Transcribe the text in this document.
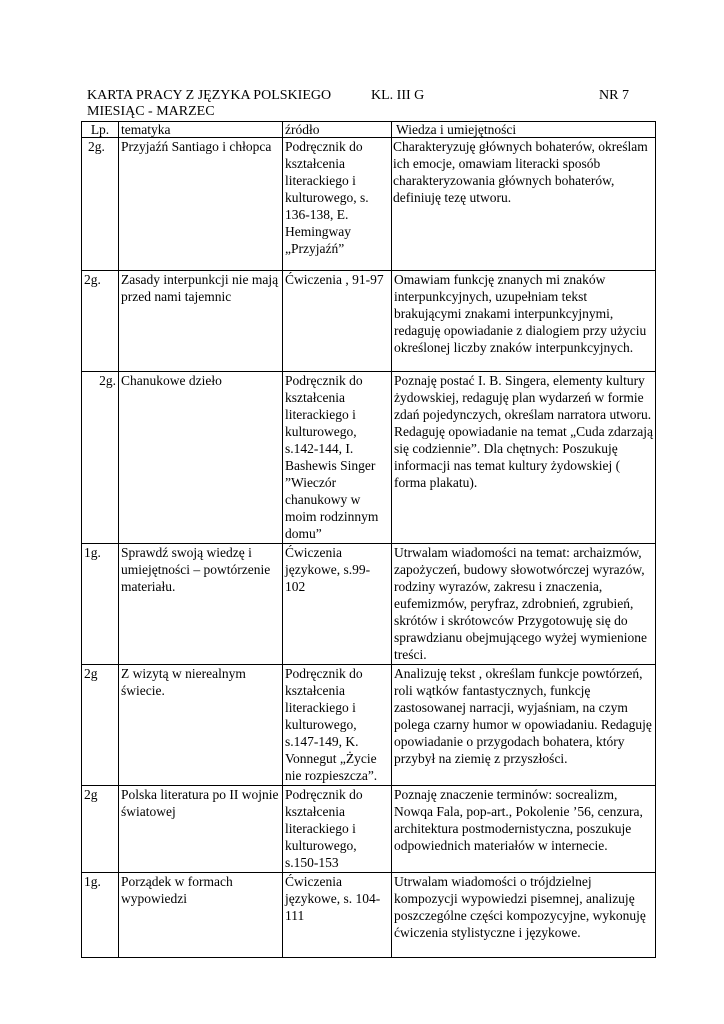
KARTA PRACY Z JĘZYKA POLSKIEGO	KL. III G	NR 7
MIESIĄC - MARZEC
Lp.	tematyka	źródło	Wiedza i umiejętności
2g.	Przyjaźń Santiago i chłopca	Podręcznik do kształcenia literackiego i kulturowego, s. 136-138, E. Hemingway „Przyjaźń”	Charakteryzuję głównych bohaterów, określam ich emocje, omawiam literacki sposób charakteryzowania głównych bohaterów, definiuję tezę utworu.
2g.	Zasady interpunkcji nie mają przed nami tajemnic	Ćwiczenia , 91-97	Omawiam funkcję znanych mi znaków interpunkcyjnych, uzupełniam tekst brakującymi znakami interpunkcyjnymi, redaguję opowiadanie z dialogiem przy użyciu określonej liczby znaków interpunkcyjnych.
2g.	Chanukowe dzieło	Podręcznik do kształcenia literackiego i kulturowego, s.142-144, I. Bashewis Singer ”Wieczór chanukowy w moim rodzinnym domu”	Poznaję postać I. B. Singera, elementy kultury żydowskiej, redaguję plan wydarzeń w formie zdań pojedynczych, określam narratora utworu. Redaguję opowiadanie na temat „Cuda zdarzają się codziennie”. Dla chętnych: Poszukuję informacji nas temat kultury żydowskiej ( forma plakatu).
1g.	Sprawdź swoją wiedzę i umiejętności – powtórzenie materiału.	Ćwiczenia językowe, s.99-102	Utrwalam wiadomości na temat: archaizmów, zapożyczeń, budowy słowotwórczej wyrazów, rodziny wyrazów, zakresu i znaczenia, eufemizmów, peryfraz, zdrobnień, zgrubień, skrótów i skrótowców Przygotowuję się do sprawdzianu obejmującego wyżej wymienione treści.
2g	Z wizytą w nierealnym świecie.	Podręcznik do kształcenia literackiego i kulturowego, s.147-149, K. Vonnegut „Życie nie rozpieszcza”.	Analizuję tekst , określam funkcje powtórzeń, roli wątków fantastycznych, funkcję zastosowanej narracji, wyjaśniam, na czym polega czarny humor w opowiadaniu. Redaguję opowiadanie o przygodach bohatera, który przybył na ziemię z przyszłości.
2g	Polska literatura po II wojnie światowej	Podręcznik do kształcenia literackiego i kulturowego, s.150-153	Poznaję znaczenie terminów: socrealizm, Nowqa Fala, pop-art., Pokolenie ’56, cenzura, architektura postmodernistyczna, poszukuje odpowiednich materiałów w internecie.
1g.	Porządek w formach wypowiedzi	Ćwiczenia językowe, s. 104-111	Utrwalam wiadomości o trójdzielnej kompozycji wypowiedzi pisemnej, analizuję poszczególne części kompozycyjne, wykonuję ćwiczenia stylistyczne i językowe.
